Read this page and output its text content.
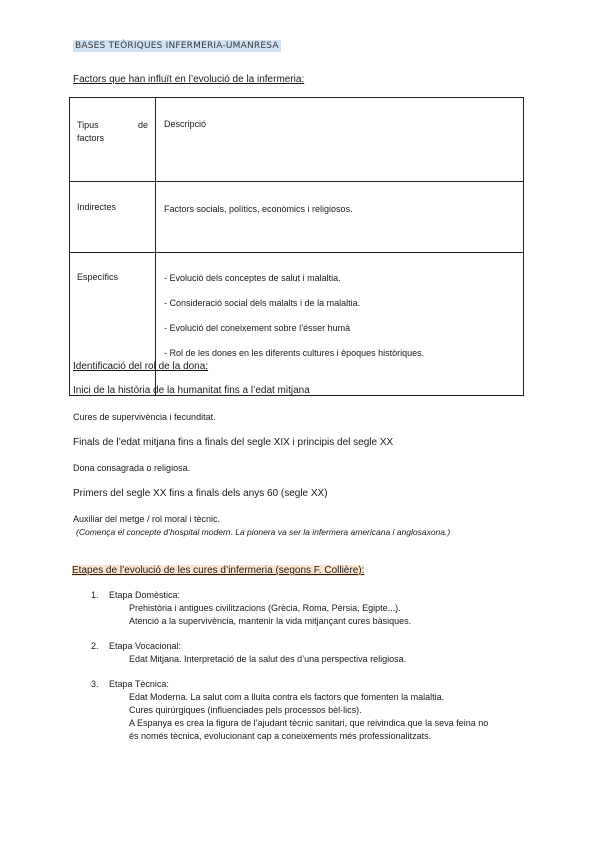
BASES TEÒRIQUES INFERMERIA-UMANRESA
Factors que han influït en l’evolució de la infermeria:
Tipus de
factors	Descripció
Indirectes	Factors socials, polítics, econòmics i religiosos.
Específics	- Evolució dels conceptes de salut i malaltia.
- Consideració social dels malalts i de la malaltia.
- Evolució del coneixement sobre l’ésser humà
- Rol de les dones en les diferents cultures i èpoques històriques.
Identificació del rol de la dona:
Inici de la història de la humanitat fins a l’edat mitjana
Cures de supervivència i fecunditat.
Finals de l’edat mitjana fins a finals del segle XIX i principis del segle XX
Dona consagrada o religiosa.
Primers del segle XX fins a finals dels anys 60 (segle XX)
Auxiliar del metge / rol moral i tècnic.
(Comença el concepte d’hospital modern. La pionera va ser la infermera americana i anglosaxona.)
Etapes de l’evolució de les cures d’infermeria (segons F. Collière):
1. Etapa Domèstica:
Prehistòria i antigues civilitzacions (Grècia, Roma, Pèrsia, Egipte...).
Atenció a la supervivència, mantenir la vida mitjançant cures bàsiques.
2. Etapa Vocacional:
Edat Mitjana. Interpretació de la salut des d’una perspectiva religiosa.
3. Etapa Tècnica:
Edat Moderna. La salut com a lluita contra els factors que fomenten la malaltia.
Cures quirúrgiques (influenciades pels processos bèl·lics).
A Espanya es crea la figura de l’ajudant tècnic sanitari, que reivindica que la seva feina no
és només tècnica, evolucionant cap a coneixements més professionalitzats.
